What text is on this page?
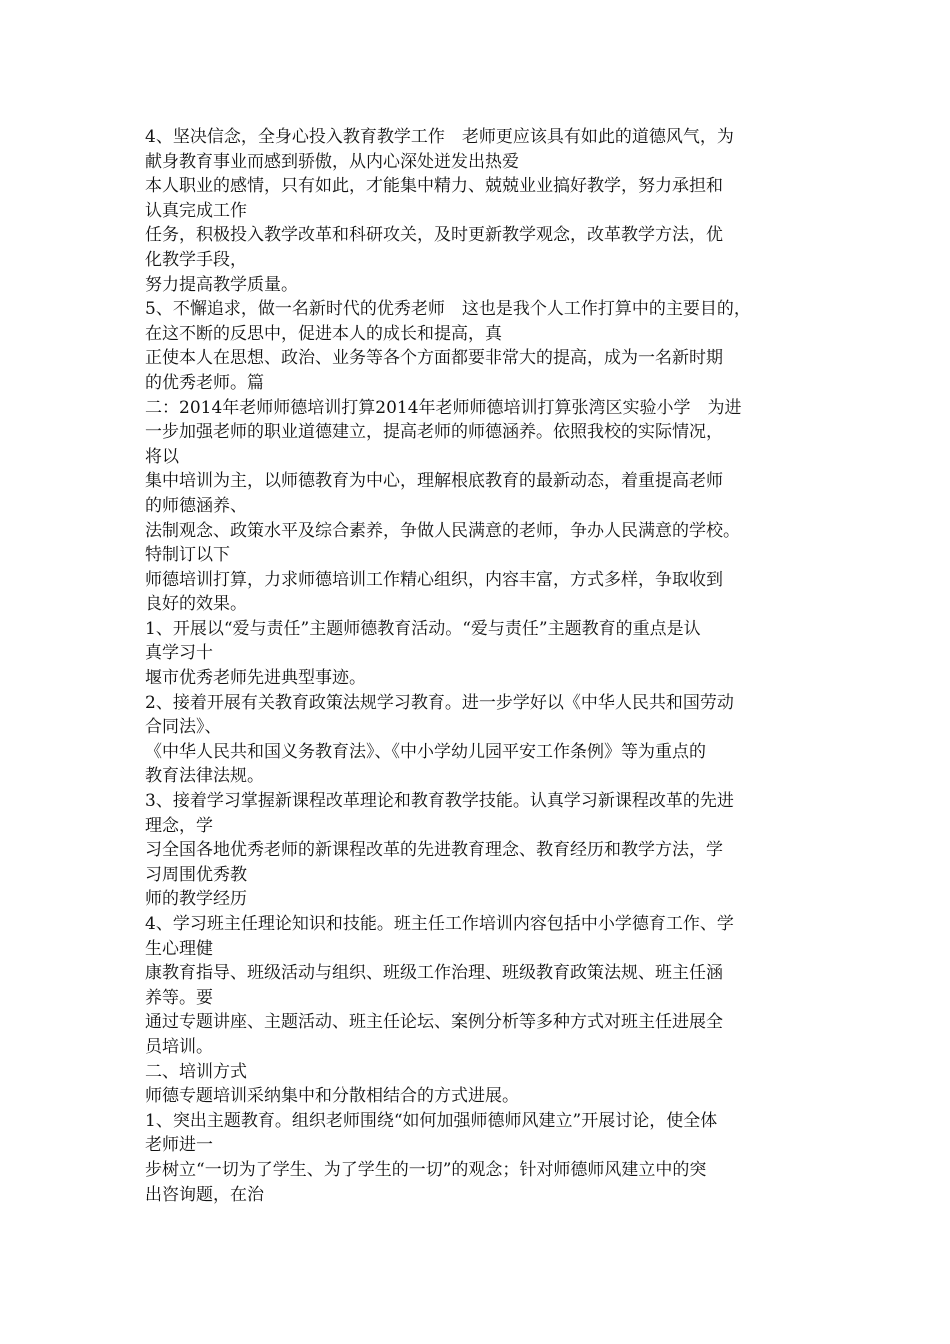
4、坚决信念，全身心投入教育教学工作　老师更应该具有如此的道德风气，为
献身教育事业而感到骄傲，从内心深处迸发出热爱
本人职业的感情，只有如此，才能集中精力、兢兢业业搞好教学，努力承担和
认真完成工作
任务，积极投入教学改革和科研攻关，及时更新教学观念，改革教学方法，优
化教学手段，
努力提高教学质量。
5、不懈追求，做一名新时代的优秀老师　这也是我个人工作打算中的主要目的，
在这不断的反思中，促进本人的成长和提高，真
正使本人在思想、政治、业务等各个方面都要非常大的提高，成为一名新时期
的优秀老师。篇
二：2014年老师师德培训打算2014年老师师德培训打算张湾区实验小学　为进
一步加强老师的职业道德建立，提高老师的师德涵养。依照我校的实际情况，
将以
集中培训为主，以师德教育为中心，理解根底教育的最新动态，着重提高老师
的师德涵养、
法制观念、政策水平及综合素养，争做人民满意的老师，争办人民满意的学校。
特制订以下
师德培训打算，力求师德培训工作精心组织，内容丰富，方式多样，争取收到
良好的效果。
1、开展以“爱与责任”主题师德教育活动。“爱与责任”主题教育的重点是认
真学习十
堰市优秀老师先进典型事迹。
2、接着开展有关教育政策法规学习教育。进一步学好以《中华人民共和国劳动
合同法》、
《中华人民共和国义务教育法》、《中小学幼儿园平安工作条例》等为重点的
教育法律法规。
3、接着学习掌握新课程改革理论和教育教学技能。认真学习新课程改革的先进
理念，学
习全国各地优秀老师的新课程改革的先进教育理念、教育经历和教学方法，学
习周围优秀教
师的教学经历
4、学习班主任理论知识和技能。班主任工作培训内容包括中小学德育工作、学
生心理健
康教育指导、班级活动与组织、班级工作治理、班级教育政策法规、班主任涵
养等。要
通过专题讲座、主题活动、班主任论坛、案例分析等多种方式对班主任进展全
员培训。
二、培训方式
师德专题培训采纳集中和分散相结合的方式进展。
1、突出主题教育。组织老师围绕“如何加强师德师风建立”开展讨论，使全体
老师进一
步树立“一切为了学生、为了学生的一切”的观念；针对师德师风建立中的突
出咨询题，在治
